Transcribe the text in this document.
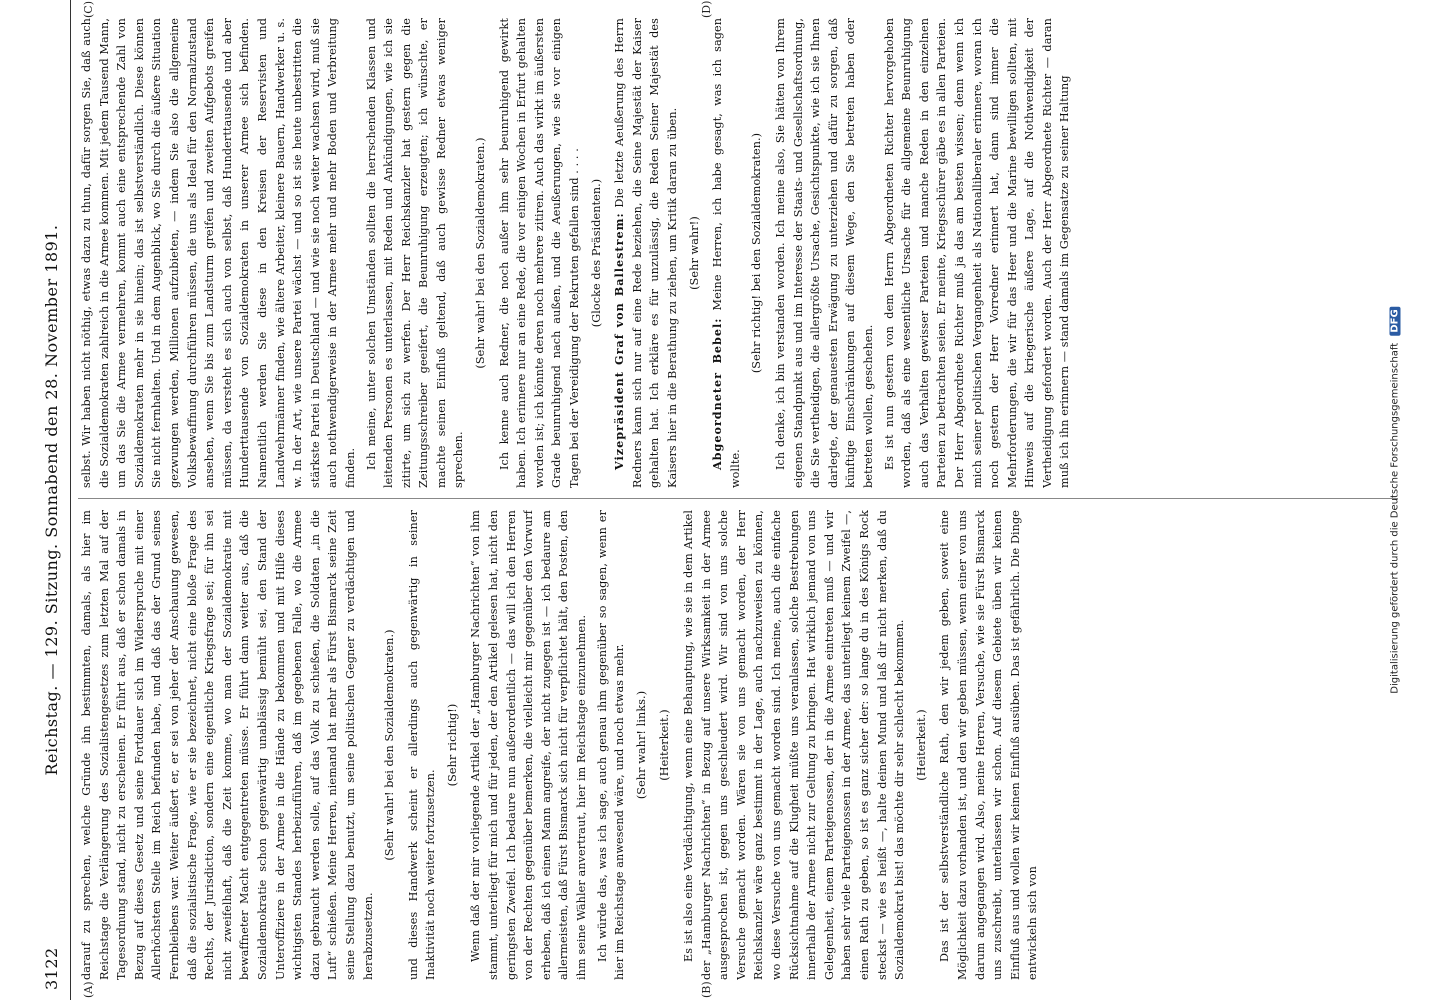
3122
Reichstag. — 129. Sitzung. Sonnabend den 28. November 1891.
(A)	(B)
(C)	(D)

darauf zu sprechen, welche Gründe ihn bestimmten, damals, als hier im Reichstage die Verlängerung des Sozialistengesetzes zum letzten Mal auf der Tagesordnung stand, nicht zu erscheinen. Er führt aus, daß er schon damals in Bezug auf dieses Gesetz und seine Fortdauer sich im Widerspruche mit einer Allerhöchsten Stelle im Reich befunden habe, und daß das der Grund seines Fernbleibens war. Weiter äußert er, er sei von jeher der Anschauung gewesen, daß die sozialistische Frage, wie er sie bezeichnet, nicht eine bloße Frage des Rechts, der Jurisdiction, sondern eine eigentliche Kriegsfrage sei; für ihn sei nicht zweifelhaft, daß die Zeit komme, wo man der Sozialdemokratie mit bewaffneter Macht entgegentreten müsse. Er führt dann weiter aus, daß die Sozialdemokratie schon gegenwärtig unablässig bemüht sei, den Stand der Unteroffiziere in der Armee in die Hände zu bekommen und mit Hilfe dieses wichtigsten Standes herbeizuführen, daß im gegebenen Falle, wo die Armee dazu gebraucht werden solle, auf das Volk zu schießen, die Soldaten „in die Luft“ schießen. Meine Herren, niemand hat mehr als Fürst Bismarck seine Zeit seine Stellung dazu benutzt, um seine politischen Gegner zu verdächtigen und herabzusetzen.

(Sehr wahr! bei den Sozialdemokraten.) und dieses Handwerk scheint er allerdings auch gegenwärtig in seiner Inaktivität noch weiter fortzusetzen.

(Sehr richtig!) Wenn daß der mir vorliegende Artikel der „Hamburger Nachrichten“ von ihm stammt, unterliegt für mich und für jeden, der den Artikel gelesen hat, nicht den geringsten Zweifel. Ich bedaure nun außerordentlich — das will ich den Herren von der Rechten gegenüber bemerken, die vielleicht mir gegenüber den Vorwurf erheben, daß ich einen Mann angreife, der nicht zugegen ist — ich bedaure am allermeisten, daß Fürst Bismarck sich nicht für verpflichtet hält, den Posten, den ihm seine Wähler anvertraut, hier im Reichstage einzunehmen. Ich würde das, was ich sage, auch genau ihm gegenüber so sagen, wenn er hier im Reichstage anwesend wäre, und noch etwas mehr. (Sehr wahr! links.) (Heiterkeit.) Es ist also eine Verdächtigung, wenn eine Behauptung, wie sie in dem Artikel der „Hamburger Nachrichten“ in Bezug auf unsere Wirksamkeit in der Armee ausgesprochen ist, gegen uns geschleudert wird. Wir sind von uns solche Versuche gemacht worden. Wären sie von uns gemacht worden, der Herr Reichskanzler wäre ganz bestimmt in der Lage, auch nachzuweisen zu können, wo diese Versuche von uns gemacht worden sind. Ich meine, auch die einfache Rücksichtnahme auf die Klugheit müßte uns veranlassen, solche Bestrebungen innerhalb der Armee nicht zur Geltung zu bringen. Hat wirklich jemand von uns Gelegenheit, einem Parteigenossen, der in die Armee eintreten muß — und wir haben sehr viele Parteigenossen in der Armee, das unterliegt keinem Zweifel —, einen Rath zu geben, so ist es ganz sicher der: so lange du in des Königs Rock steckst — wie es heißt —, halte deinen Mund und laß dir nicht merken, daß du Sozialdemokrat bist! das möchte dir sehr schlecht bekommen. (Heiterkeit.) Das ist der selbstverständliche Rath, den wir jedem geben, soweit eine Möglichkeit dazu vorhanden ist, und den wir geben müssen, wenn einer von uns darum angegangen wird. Also, meine Herren, Versuche, wie sie Fürst Bismarck uns zuschreibt, unterlassen wir schon. Auf diesem Gebiete üben wir keinen Einfluß aus und wollen wir keinen Einfluß ausüben. Das ist gefährlich. Die Dinge entwickeln sich von

selbst. Wir haben nicht nöthig, etwas dazu zu thun, dafür sorgen Sie, daß auch die Sozialdemokraten zahlreich in die Armee kommen. Mit jedem Tausend Mann, um das Sie die Armee vermehren, kommt auch eine entsprechende Zahl von Sozialdemokraten mehr in sie hinein; das ist selbstverständlich. Diese können Sie nicht fernhalten. Und in dem Augenblick, wo Sie durch die äußere Situation gezwungen werden, Millionen aufzubieten, — indem Sie also die allgemeine Volksbewaffnung durchführen müssen, die uns als Ideal für den Normalzustand ansehen, wenn Sie bis zum Landsturm greifen und zweiten Aufgebots greifen müssen, da versteht es sich auch von selbst, daß Hunderttausende und aber Hunderttausende von Sozialdemokraten in unserer Armee sich befinden. Namentlich werden Sie diese in den Kreisen der Reservisten und Landwehrmänner finden, wie ältere Arbeiter, kleinere Bauern, Handwerker u. s. w. In der Art, wie unsere Partei wächst — und so ist sie heute unbestritten die stärkste Partei in Deutschland — und wie sie noch weiter wachsen wird, muß sie auch nothwendigerweise in der Armee mehr und mehr Boden und Verbreitung finden. Ich meine, unter solchen Umständen sollten die herrschenden Klassen und leitenden Personen es unterlassen, mit Reden und Ankündigungen, wie ich sie zitirte, um sich zu werfen. Der Herr Reichskanzler hat gestern gegen die Zeitungsschreiber geeifert, die Beunruhigung erzeugten; ich wünschte, er machte seinen Einfluß geltend, daß auch gewisse Redner etwas weniger sprechen.

(Sehr wahr! bei den Sozialdemokraten.) Ich kenne auch Redner, die noch außer ihm sehr beunruhigend gewirkt haben. Ich erinnere nur an eine Rede, die vor einigen Wochen in Erfurt gehalten worden ist; ich könnte deren noch mehrere zitiren. Auch das wirkt im äußersten Grade beunruhigend nach außen, und die Aeußerungen, wie sie vor einigen Tagen bei der Vereidigung der Rekruten gefallen sind . . . . (Glocke des Präsidenten.) Vizepräsident Graf von Ballestrem: Die letzte Aeußerung des Herrn Redners kann sich nur auf eine Rede beziehen, die Seine Majestät der Kaiser gehalten hat. Ich erkläre es für unzulässig, die Reden Seiner Majestät des Kaisers hier in die Berathung zu ziehen, um Kritik daran zu üben. (Sehr wahr!)

Abgeordneter Bebel: Meine Herren, ich habe gesagt, was ich sagen wollte.

(Sehr richtig! bei den Sozialdemokraten.) Ich denke, ich bin verstanden worden. Ich meine also, Sie hätten von Ihrem eigenen Standpunkt aus und im Interesse der Staats- und Gesellschaftsordnung, die Sie vertheidigen, die allergrößte Ursache, Gesichtspunkte, wie ich sie Ihnen darlegte, der genauesten Erwägung zu unterziehen und dafür zu sorgen, daß künftige Einschränkungen auf diesem Wege, den Sie betreten haben oder betreten wollen, geschehen. Es ist nun gestern von dem Herrn Abgeordneten Richter hervorgehoben worden, daß als eine wesentliche Ursache für die allgemeine Beunruhigung auch das Verhalten gewisser Parteien und manche Reden in den einzelnen Parteien zu betrachten seien. Er meinte, Kriegsschürer gäbe es in allen Parteien. Der Herr Abgeordnete Richter muß ja das am besten wissen; denn wenn ich mich seiner politischen Vergangenheit als Nationalliberaler erinnere, woran ich noch gestern der Herr Vorredner erinnert hat, dann sind immer die Mehrforderungen, die wir für das Heer und die Marine bewilligen sollten, mit Hinweis auf die kriegerische äußere Lage, auf die Nothwendigkeit der Vertheidigung gefordert worden. Auch der Herr Abgeordnete Richter — daran muß ich ihn erinnern — stand damals im Gegensatze zu seiner Haltung

Digitalisierung gefördert durch die Deutsche Forschungsgemeinschaft DFG
